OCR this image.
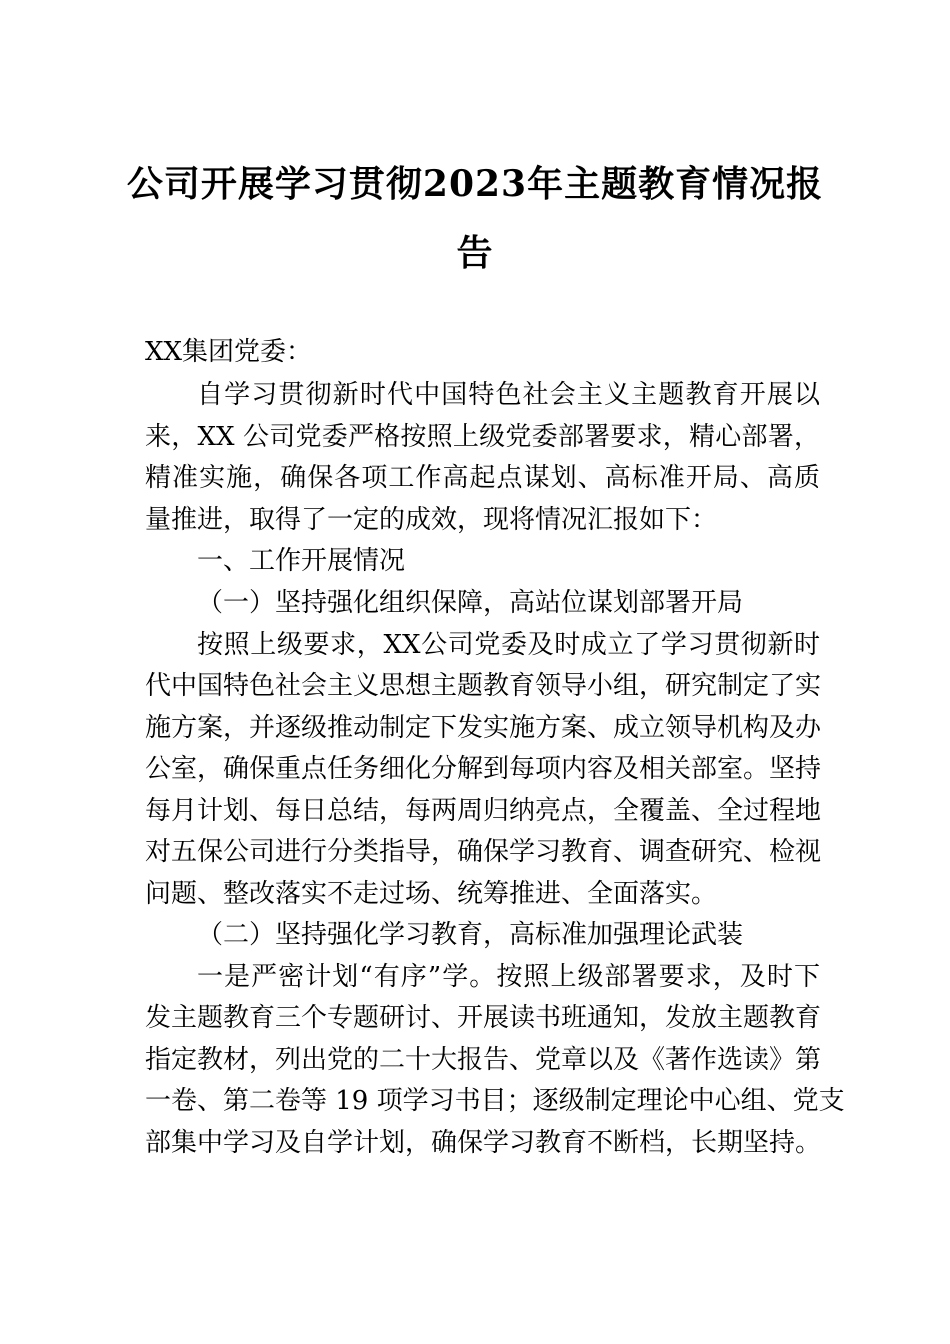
公司开展学习贯彻2023年主题教育情况报
告
XX集团党委：
自学习贯彻新时代中国特色社会主义主题教育开展以
来，XX 公司党委严格按照上级党委部署要求，精心部署，
精准实施，确保各项工作高起点谋划、高标准开局、高质
量推进，取得了一定的成效，现将情况汇报如下：
一、工作开展情况
（一）坚持强化组织保障，高站位谋划部署开局
按照上级要求，XX公司党委及时成立了学习贯彻新时
代中国特色社会主义思想主题教育领导小组，研究制定了实
施方案，并逐级推动制定下发实施方案、成立领导机构及办
公室，确保重点任务细化分解到每项内容及相关部室。坚持
每月计划、每日总结，每两周归纳亮点，全覆盖、全过程地
对五保公司进行分类指导，确保学习教育、调查研究、检视
问题、整改落实不走过场、统筹推进、全面落实。
（二）坚持强化学习教育，高标准加强理论武装
一是严密计划“有序”学。按照上级部署要求，及时下
发主题教育三个专题研讨、开展读书班通知，发放主题教育
指定教材，列出党的二十大报告、党章以及《著作选读》第
一卷、第二卷等 19 项学习书目；逐级制定理论中心组、党支
部集中学习及自学计划，确保学习教育不断档，长期坚持。
